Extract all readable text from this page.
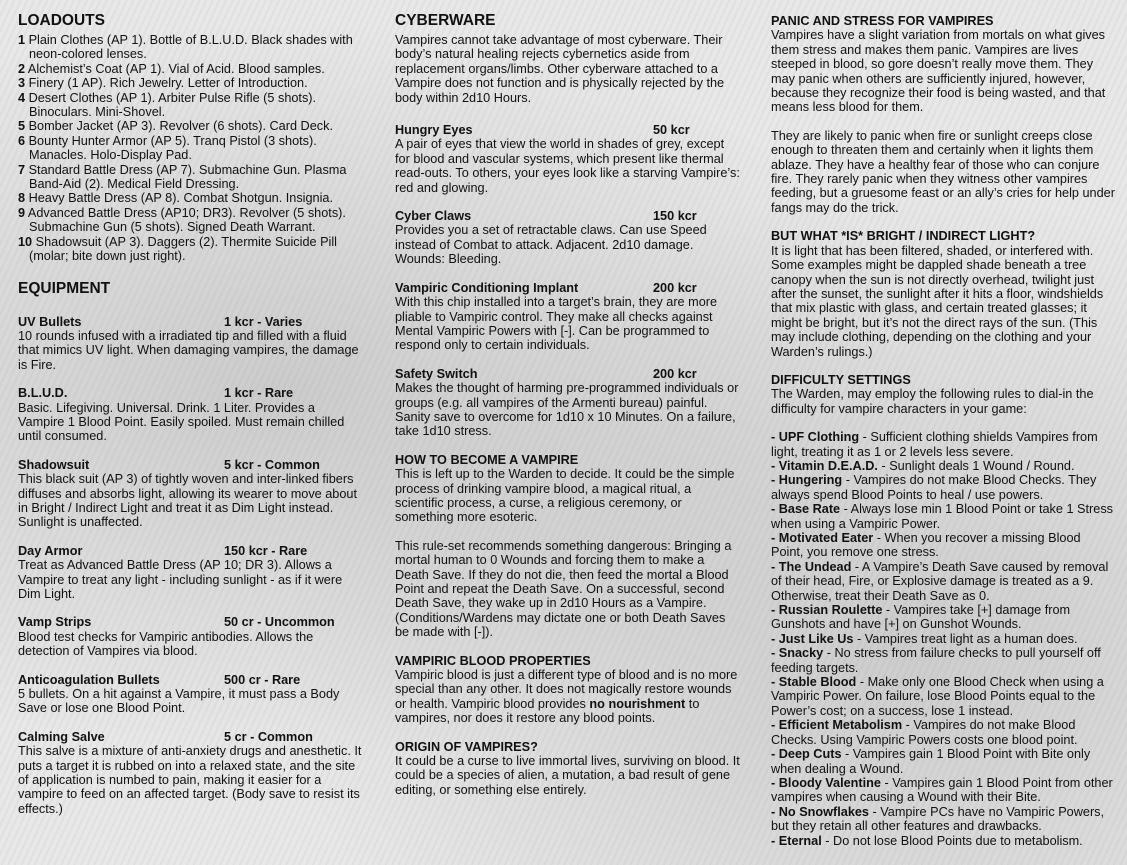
LOADOUTS

1 Plain Clothes (AP 1). Bottle of B.L.U.D. Black shades with neon-colored lenses.

2 Alchemist’s Coat (AP 1). Vial of Acid. Blood samples.

3 Finery (1 AP). Rich Jewelry. Letter of Introduction.

4 Desert Clothes (AP 1). Arbiter Pulse Rifle (5 shots). Binoculars. Mini-Shovel.

5 Bomber Jacket (AP 3). Revolver (6 shots). Card Deck.

6 Bounty Hunter Armor (AP 5). Tranq Pistol (3 shots). Manacles. Holo-Display Pad.

7 Standard Battle Dress (AP 7). Submachine Gun. Plasma Band-Aid (2). Medical Field Dressing.

8 Heavy Battle Dress (AP 8). Combat Shotgun. Insignia.

9 Advanced Battle Dress (AP10; DR3). Revolver (5 shots). Submachine Gun (5 shots). Signed Death Warrant.

10 Shadowsuit (AP 3). Daggers (2). Thermite Suicide Pill (molar; bite down just right).

EQUIPMENT
UV Bullets	1 kcr - Varies

10 rounds infused with a irradiated tip and filled with a fluid that mimics UV light. When damaging vampires, the damage is Fire.

B.L.U.D.	1 kcr - Rare

Basic. Lifegiving. Universal. Drink. 1 Liter. Provides a Vampire 1 Blood Point. Easily spoiled. Must remain chilled until consumed.

Shadowsuit	5 kcr - Common

This black suit (AP 3) of tightly woven and inter-linked fibers diffuses and absorbs light, allowing its wearer to move about in Bright / Indirect Light and treat it as Dim Light instead. Sunlight is unaffected.

Day Armor	150 kcr - Rare

Treat as Advanced Battle Dress (AP 10; DR 3). Allows a Vampire to treat any light - including sunlight - as if it were Dim Light.

Vamp Strips	50 cr - Uncommon

Blood test checks for Vampiric antibodies. Allows the detection of Vampires via blood.

Anticoagulation Bullets	500 cr - Rare

5 bullets. On a hit against a Vampire, it must pass a Body Save or lose one Blood Point.

Calming Salve	5 cr - Common

This salve is a mixture of anti-anxiety drugs and anesthetic. It puts a target it is rubbed on into a relaxed state, and the site of application is numbed to pain, making it easier for a vampire to feed on an affected target. (Body save to resist its effects.)

CYBERWARE

Vampires cannot take advantage of most cyberware. Their body’s natural healing rejects cybernetics aside from replacement organs/limbs. Other cyberware attached to a Vampire does not function and is physically rejected by the body within 2d10 Hours.

Hungry Eyes	50 kcr

A pair of eyes that view the world in shades of grey, except for blood and vascular systems, which present like thermal read-outs. To others, your eyes look like a starving Vampire’s: red and glowing.

Cyber Claws	150 kcr

Provides you a set of retractable claws. Can use Speed instead of Combat to attack. Adjacent. 2d10 damage. Wounds: Bleeding.

Vampiric Conditioning Implant	200 kcr

With this chip installed into a target’s brain, they are more pliable to Vampiric control. They make all checks against Mental Vampiric Powers with [-]. Can be programmed to respond only to certain individuals.

Safety Switch	200 kcr

Makes the thought of harming pre-programmed individuals or groups (e.g. all vampires of the Armenti bureau) painful. Sanity save to overcome for 1d10 x 10 Minutes. On a failure, take 1d10 stress.

HOW TO BECOME A VAMPIRE

This is left up to the Warden to decide. It could be the simple process of drinking vampire blood, a magical ritual, a scientific process, a curse, a religious ceremony, or something more esoteric.

This rule-set recommends something dangerous: Bringing a mortal human to 0 Wounds and forcing them to make a Death Save. If they do not die, then feed the mortal a Blood Point and repeat the Death Save. On a successful, second Death Save, they wake up in 2d10 Hours as a Vampire. (Conditions/Wardens may dictate one or both Death Saves be made with [-]).

VAMPIRIC BLOOD PROPERTIES

Vampiric blood is just a different type of blood and is no more special than any other. It does not magically restore wounds or health. Vampiric blood provides no nourishment to vampires, nor does it restore any blood points.

ORIGIN OF VAMPIRES?

It could be a curse to live immortal lives, surviving on blood. It could be a species of alien, a mutation, a bad result of gene editing, or something else entirely.

PANIC AND STRESS FOR VAMPIRES

Vampires have a slight variation from mortals on what gives them stress and makes them panic. Vampires are lives steeped in blood, so gore doesn’t really move them. They may panic when others are sufficiently injured, however, because they recognize their food is being wasted, and that means less blood for them.

They are likely to panic when fire or sunlight creeps close enough to threaten them and certainly when it lights them ablaze. They have a healthy fear of those who can conjure fire. They rarely panic when they witness other vampires feeding, but a gruesome feast or an ally’s cries for help under fangs may do the trick.

BUT WHAT *IS* BRIGHT / INDIRECT LIGHT?

It is light that has been filtered, shaded, or interfered with. Some examples might be dappled shade beneath a tree canopy when the sun is not directly overhead, twilight just after the sunset, the sunlight after it hits a floor, windshields that mix plastic with glass, and certain treated glasses; it might be bright, but it’s not the direct rays of the sun. (This may include clothing, depending on the clothing and your Warden’s rulings.)

DIFFICULTY SETTINGS

The Warden, may employ the following rules to dial-in the difficulty for vampire characters in your game:

- UPF Clothing - Sufficient clothing shields Vampires from light, treating it as 1 or 2 levels less severe.

- Vitamin D.E.A.D. - Sunlight deals 1 Wound / Round.

- Hungering - Vampires do not make Blood Checks. They always spend Blood Points to heal / use powers.

- Base Rate - Always lose min 1 Blood Point or take 1 Stress when using a Vampiric Power.

- Motivated Eater - When you recover a missing Blood Point, you remove one stress.

- The Undead - A Vampire’s Death Save caused by removal of their head, Fire, or Explosive damage is treated as a 9. Otherwise, treat their Death Save as 0.

- Russian Roulette - Vampires take [+] damage from Gunshots and have [+] on Gunshot Wounds.

- Just Like Us - Vampires treat light as a human does.

- Snacky - No stress from failure checks to pull yourself off feeding targets.

- Stable Blood - Make only one Blood Check when using a Vampiric Power. On failure, lose Blood Points equal to the Power’s cost; on a success, lose 1 instead.

- Efficient Metabolism - Vampires do not make Blood Checks. Using Vampiric Powers costs one blood point.

- Deep Cuts - Vampires gain 1 Blood Point with Bite only when dealing a Wound.

- Bloody Valentine - Vampires gain 1 Blood Point from other vampires when causing a Wound with their Bite.

- No Snowflakes - Vampire PCs have no Vampiric Powers, but they retain all other features and drawbacks.

- Eternal - Do not lose Blood Points due to metabolism.
